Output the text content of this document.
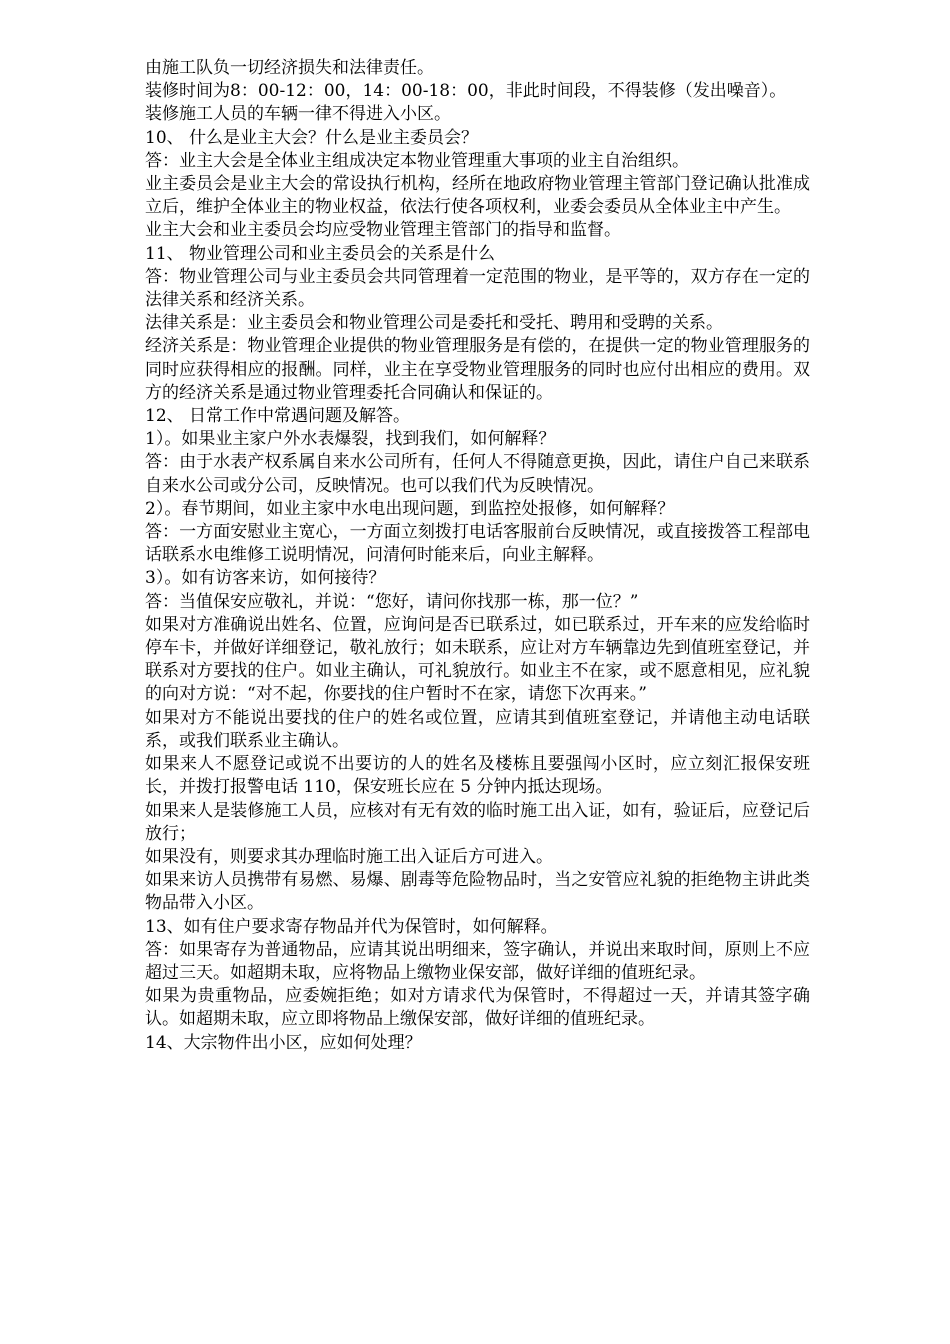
由施工队负一切经济损失和法律责任。

装修时间为8：00-12：00，14：00-18：00，非此时间段，不得装修（发出噪音）。

装修施工人员的车辆一律不得进入小区。

10、 什么是业主大会？什么是业主委员会？

答：业主大会是全体业主组成决定本物业管理重大事项的业主自治组织。

业主委员会是业主大会的常设执行机构，经所在地政府物业管理主管部门登记确认批准成立后，维护全体业主的物业权益，依法行使各项权利，业委会委员从全体业主中产生。

业主大会和业主委员会均应受物业管理主管部门的指导和监督。

11、 物业管理公司和业主委员会的关系是什么

答：物业管理公司与业主委员会共同管理着一定范围的物业，是平等的，双方存在一定的法律关系和经济关系。

法律关系是：业主委员会和物业管理公司是委托和受托、聘用和受聘的关系。

经济关系是：物业管理企业提供的物业管理服务是有偿的，在提供一定的物业管理服务的同时应获得相应的报酬。同样，业主在享受物业管理服务的同时也应付出相应的费用。双方的经济关系是通过物业管理委托合同确认和保证的。

12、 日常工作中常遇问题及解答。

1）。如果业主家户外水表爆裂，找到我们，如何解释？

答：由于水表产权系属自来水公司所有，任何人不得随意更换，因此，请住户自己来联系自来水公司或分公司，反映情况。也可以我们代为反映情况。

2）。春节期间，如业主家中水电出现问题，到监控处报修，如何解释？

答：一方面安慰业主宽心，一方面立刻拨打电话客服前台反映情况，或直接拨答工程部电话联系水电维修工说明情况，问清何时能来后，向业主解释。

3）。如有访客来访，如何接待？

答：当值保安应敬礼，并说：“您好，请问你找那一栋，那一位？”

如果对方准确说出姓名、位置，应询问是否已联系过，如已联系过，开车来的应发给临时停车卡，并做好详细登记，敬礼放行；如未联系，应让对方车辆靠边先到值班室登记，并联系对方要找的住户。如业主确认，可礼貌放行。如业主不在家，或不愿意相见，应礼貌的向对方说：“对不起，你要找的住户暂时不在家，请您下次再来。”

如果对方不能说出要找的住户的姓名或位置，应请其到值班室登记，并请他主动电话联系，或我们联系业主确认。

如果来人不愿登记或说不出要访的人的姓名及楼栋且要强闯小区时，应立刻汇报保安班长，并拨打报警电话 110，保安班长应在 5 分钟内抵达现场。

如果来人是装修施工人员，应核对有无有效的临时施工出入证，如有，验证后，应登记后放行；

如果没有，则要求其办理临时施工出入证后方可进入。

如果来访人员携带有易燃、易爆、剧毒等危险物品时，当之安管应礼貌的拒绝物主讲此类物品带入小区。

13、如有住户要求寄存物品并代为保管时，如何解释。

答：如果寄存为普通物品，应请其说出明细来，签字确认，并说出来取时间，原则上不应超过三天。如超期未取，应将物品上缴物业保安部，做好详细的值班纪录。

如果为贵重物品，应委婉拒绝；如对方请求代为保管时，不得超过一天，并请其签字确认。如超期未取，应立即将物品上缴保安部，做好详细的值班纪录。

14、大宗物件出小区，应如何处理？
